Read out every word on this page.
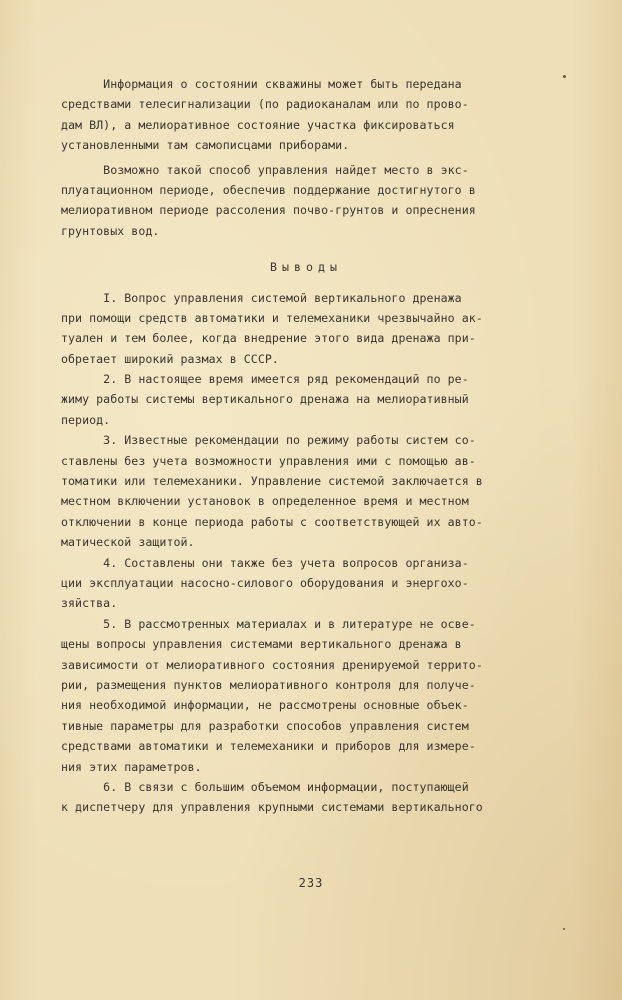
Информация о состоянии скважины может быть передана
средствами телесигнализации (по радиоканалам или по прово-
дам ВЛ), а мелиоративное состояние участка фиксироваться
установленными там самописцами приборами.
Возможно такой способ управления найдет место в экс-
плуатационном периоде, обеспечив поддержание достигнутого в
мелиоративном периоде рассоления почво-грунтов и опреснения
грунтовых вод.
Выводы
I. Вопрос управления системой вертикального дренажа
при помощи средств автоматики и телемеханики чрезвычайно ак-
туален и тем более, когда внедрение этого вида дренажа при-
обретает широкий размах в СССР.
2. В настоящее время имеется ряд рекомендаций по ре-
жиму работы системы вертикального дренажа на мелиоративный
период.
3. Известные рекомендации по режиму работы систем со-
ставлены без учета возможности управления ими с помощью ав-
томатики или телемеханики. Управление системой заключается в
местном включении установок в определенное время и местном
отключении в конце периода работы с соответствующей их авто-
матической защитой.
4. Составлены они также без учета вопросов организа-
ции эксплуатации насосно-силового оборудования и энергохо-
зяйства.
5. В рассмотренных материалах и в литературе не осве-
щены вопросы управления системами вертикального дренажа в
зависимости от мелиоративного состояния дренируемой террито-
рии, размещения пунктов мелиоративного контроля для получе-
ния необходимой информации, не рассмотрены основные объек-
тивные параметры для разработки способов управления систем
средствами автоматики и телемеханики и приборов для измере-
ния этих параметров.
6. В связи с большим объемом информации, поступающей
к диспетчеру для управления крупными системами вертикального
233
